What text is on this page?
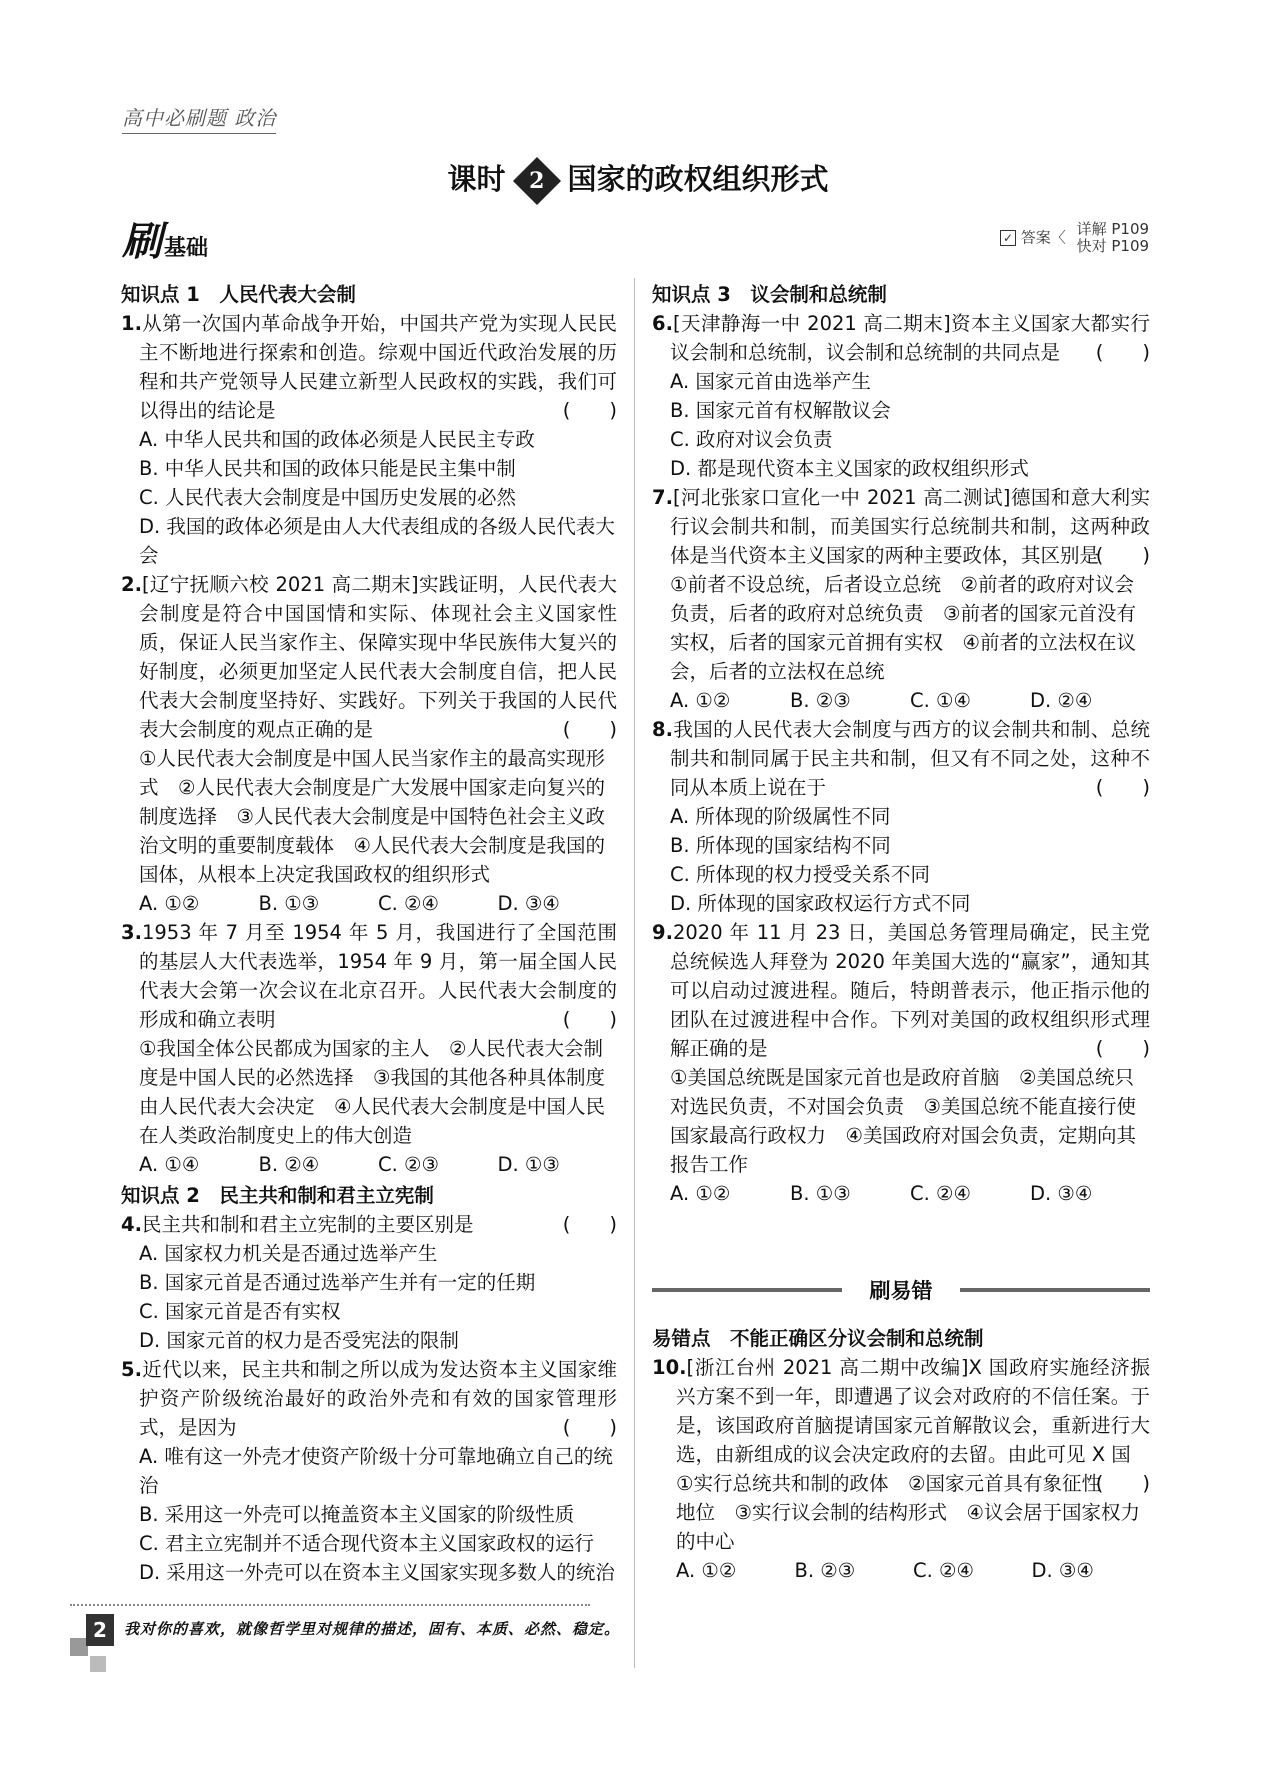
高中必刷题 政治
课时 2 国家的政权组织形式
刷基础	✓ 答案〈 详解 P109
快对 P109
知识点 1　人民代表大会制
1.从第一次国内革命战争开始，中国共产党为实现人民民主不断地进行探索和创造。综观中国近代政治发展的历程和共产党领导人民建立新型人民政权的实践，我们可以得出的结论是	(　　)
A. 中华人民共和国的政体必须是人民民主专政
B. 中华人民共和国的政体只能是民主集中制
C. 人民代表大会制度是中国历史发展的必然
D. 我国的政体必须是由人大代表组成的各级人民代表大会
2.[辽宁抚顺六校 2021 高二期末]实践证明，人民代表大会制度是符合中国国情和实际、体现社会主义国家性质，保证人民当家作主、保障实现中华民族伟大复兴的好制度，必须更加坚定人民代表大会制度自信，把人民代表大会制度坚持好、实践好。下列关于我国的人民代表大会制度的观点正确的是	(　　)
①人民代表大会制度是中国人民当家作主的最高实现形式　②人民代表大会制度是广大发展中国家走向复兴的制度选择　③人民代表大会制度是中国特色社会主义政治文明的重要制度载体　④人民代表大会制度是我国的国体，从根本上决定我国政权的组织形式
A. ①②	B. ①③	C. ②④	D. ③④
3.1953 年 7 月至 1954 年 5 月，我国进行了全国范围的基层人大代表选举，1954 年 9 月，第一届全国人民代表大会第一次会议在北京召开。人民代表大会制度的形成和确立表明	(　　)
①我国全体公民都成为国家的主人　②人民代表大会制度是中国人民的必然选择　③我国的其他各种具体制度由人民代表大会决定　④人民代表大会制度是中国人民在人类政治制度史上的伟大创造
A. ①④	B. ②④	C. ②③	D. ①③
知识点 2　民主共和制和君主立宪制
4.民主共和制和君主立宪制的主要区别是	(　　)
A. 国家权力机关是否通过选举产生
B. 国家元首是否通过选举产生并有一定的任期
C. 国家元首是否有实权
D. 国家元首的权力是否受宪法的限制
5.近代以来，民主共和制之所以成为发达资本主义国家维护资产阶级统治最好的政治外壳和有效的国家管理形式，是因为	(　　)
A. 唯有这一外壳才使资产阶级十分可靠地确立自己的统治
B. 采用这一外壳可以掩盖资本主义国家的阶级性质
C. 君主立宪制并不适合现代资本主义国家政权的运行
D. 采用这一外壳可以在资本主义国家实现多数人的统治
知识点 3　议会制和总统制
6.[天津静海一中 2021 高二期末]资本主义国家大都实行议会制和总统制，议会制和总统制的共同点是 (　　)
A. 国家元首由选举产生
B. 国家元首有权解散议会
C. 政府对议会负责
D. 都是现代资本主义国家的政权组织形式
7.[河北张家口宣化一中 2021 高二测试]德国和意大利实行议会制共和制，而美国实行总统制共和制，这两种政体是当代资本主义国家的两种主要政体，其区别是
(　　)
①前者不设总统，后者设立总统　②前者的政府对议会负责，后者的政府对总统负责　③前者的国家元首没有实权，后者的国家元首拥有实权　④前者的立法权在议会，后者的立法权在总统
A. ①②	B. ②③	C. ①④	D. ②④
8.我国的人民代表大会制度与西方的议会制共和制、总统制共和制同属于民主共和制，但又有不同之处，这种不同从本质上说在于	(　　)
A. 所体现的阶级属性不同
B. 所体现的国家结构不同
C. 所体现的权力授受关系不同
D. 所体现的国家政权运行方式不同
9.2020 年 11 月 23 日，美国总务管理局确定，民主党总统候选人拜登为 2020 年美国大选的“赢家”，通知其可以启动过渡进程。随后，特朗普表示，他正指示他的团队在过渡进程中合作。下列对美国的政权组织形式理解正确的是	(　　)
①美国总统既是国家元首也是政府首脑　②美国总统只对选民负责，不对国会负责　③美国总统不能直接行使国家最高行政权力　④美国政府对国会负责，定期向其报告工作
A. ①②	B. ①③	C. ②④	D. ③④
刷易错
易错点　不能正确区分议会制和总统制
10.[浙江台州 2021 高二期中改编]X 国政府实施经济振兴方案不到一年，即遭遇了议会对政府的不信任案。于是，该国政府首脑提请国家元首解散议会，重新进行大选，由新组成的议会决定政府的去留。由此可见 X 国
(　　)
①实行总统共和制的政体　②国家元首具有象征性地位　③实行议会制的结构形式　④议会居于国家权力的中心
A. ①②	B. ②③	C. ②④	D. ③④
2	我对你的喜欢，就像哲学里对规律的描述，固有、本质、必然、稳定。
